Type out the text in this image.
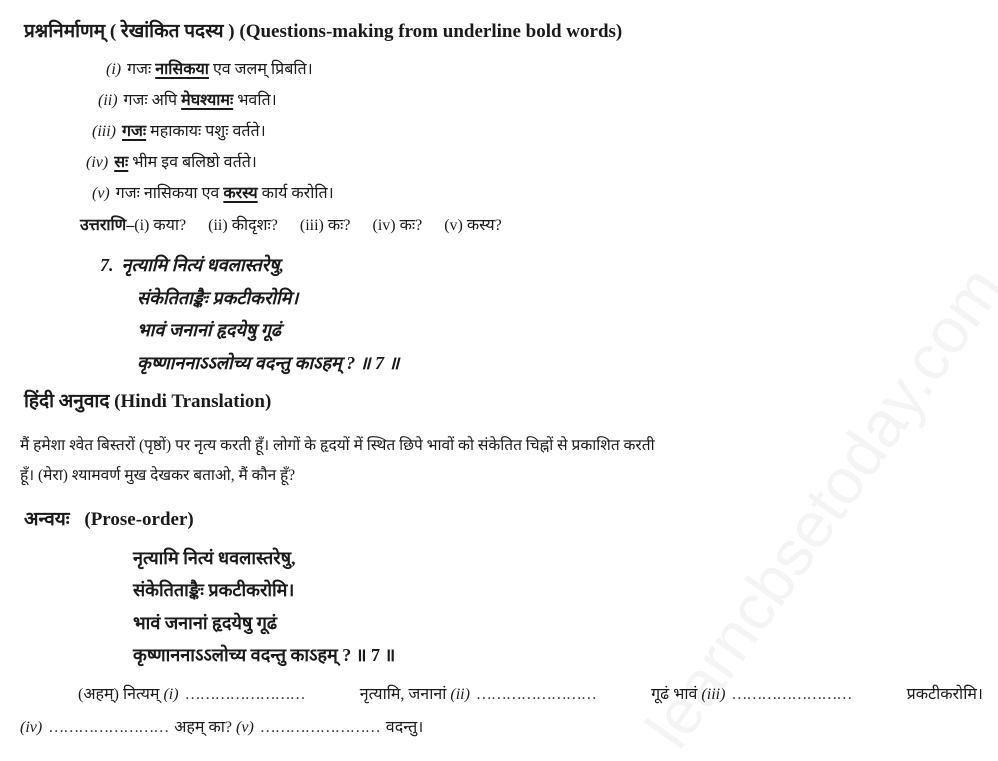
प्रश्ननिर्माणम् ( रेखांकित पदस्य ) (Questions-making from underline bold words)
(i) गजः नासिकया एव जलम् प्रिबति।
(ii) गजः अपि मेघश्यामः भवति।
(iii) गजः महाकायः पशुः वर्तते।
(iv) सः भीम इव बलिष्ठो वर्तते।
(v) गजः नासिकया एव करस्य कार्य करोति।
उत्तराणि–(i) कया? (ii) कीदृशः? (iii) कः? (iv) कः? (v) कस्य?
7. नृत्यामि नित्यं धवलास्तरेषु,
संकेतिताङ्कैः प्रकटीकरोमि।
भावं जनानां हृदयेषु गूढं
कृष्णाननाऽऽलोच्य वदन्तु काऽहम् ? ॥ 7 ॥
हिंदी अनुवाद (Hindi Translation)
मैं हमेशा श्वेत बिस्तरों (पृष्ठों) पर नृत्य करती हूँ। लोगों के हृदयों में स्थित छिपे भावों को संकेतित चिह्नों से प्रकाशित करती
हूँ। (मेरा) श्यामवर्ण मुख देखकर बताओ, मैं कौन हूँ?
अन्वयः (Prose-order)
नृत्यामि नित्यं धवलास्तरेषु,
संकेतिताङ्कैः प्रकटीकरोमि।
भावं जनानां हृदयेषु गूढं
कृष्णाननाऽऽलोच्य वदन्तु काऽहम् ? ॥ 7 ॥
(अहम्) नित्यम् (i) ……………………	नृत्यामि, जनानां (ii) ……………………	गूढं भावं (iii) ……………………	प्रकटीकरोमि।
(iv) …………………… अहम् का? (v) …………………… वदन्तु।
